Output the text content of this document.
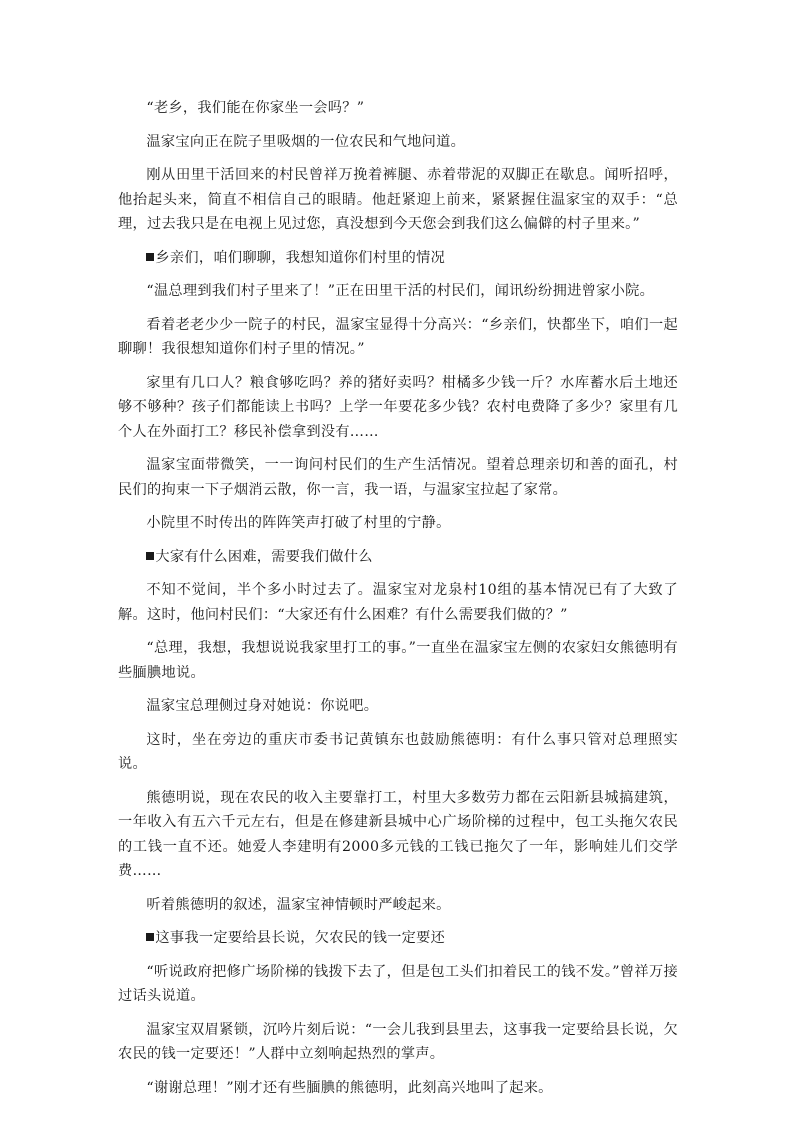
“老乡，我们能在你家坐一会吗？”

温家宝向正在院子里吸烟的一位农民和气地问道。

刚从田里干活回来的村民曾祥万挽着裤腿、赤着带泥的双脚正在歇息。闻听招呼，他抬起头来，简直不相信自己的眼睛。他赶紧迎上前来，紧紧握住温家宝的双手：“总理，过去我只是在电视上见过您，真没想到今天您会到我们这么偏僻的村子里来。”

乡亲们，咱们聊聊，我想知道你们村里的情况

“温总理到我们村子里来了！”正在田里干活的村民们，闻讯纷纷拥进曾家小院。

看着老老少少一院子的村民，温家宝显得十分高兴：“乡亲们，快都坐下，咱们一起聊聊！我很想知道你们村子里的情况。”

家里有几口人？粮食够吃吗？养的猪好卖吗？柑橘多少钱一斤？水库蓄水后土地还够不够种？孩子们都能读上书吗？上学一年要花多少钱？农村电费降了多少？家里有几个人在外面打工？移民补偿拿到没有……

温家宝面带微笑，一一询问村民们的生产生活情况。望着总理亲切和善的面孔，村民们的拘束一下子烟消云散，你一言，我一语，与温家宝拉起了家常。

小院里不时传出的阵阵笑声打破了村里的宁静。

大家有什么困难，需要我们做什么

不知不觉间，半个多小时过去了。温家宝对龙泉村10组的基本情况已有了大致了解。这时，他问村民们：“大家还有什么困难？有什么需要我们做的？”

“总理，我想，我想说说我家里打工的事。”一直坐在温家宝左侧的农家妇女熊德明有些腼腆地说。

温家宝总理侧过身对她说：你说吧。

这时，坐在旁边的重庆市委书记黄镇东也鼓励熊德明：有什么事只管对总理照实说。

熊德明说，现在农民的收入主要靠打工，村里大多数劳力都在云阳新县城搞建筑，一年收入有五六千元左右，但是在修建新县城中心广场阶梯的过程中，包工头拖欠农民的工钱一直不还。她爱人李建明有2000多元钱的工钱已拖欠了一年，影响娃儿们交学费……

听着熊德明的叙述，温家宝神情顿时严峻起来。

这事我一定要给县长说，欠农民的钱一定要还

“听说政府把修广场阶梯的钱拨下去了，但是包工头们扣着民工的钱不发。”曾祥万接过话头说道。

温家宝双眉紧锁，沉吟片刻后说：“一会儿我到县里去，这事我一定要给县长说，欠农民的钱一定要还！”人群中立刻响起热烈的掌声。

“谢谢总理！”刚才还有些腼腆的熊德明，此刻高兴地叫了起来。
